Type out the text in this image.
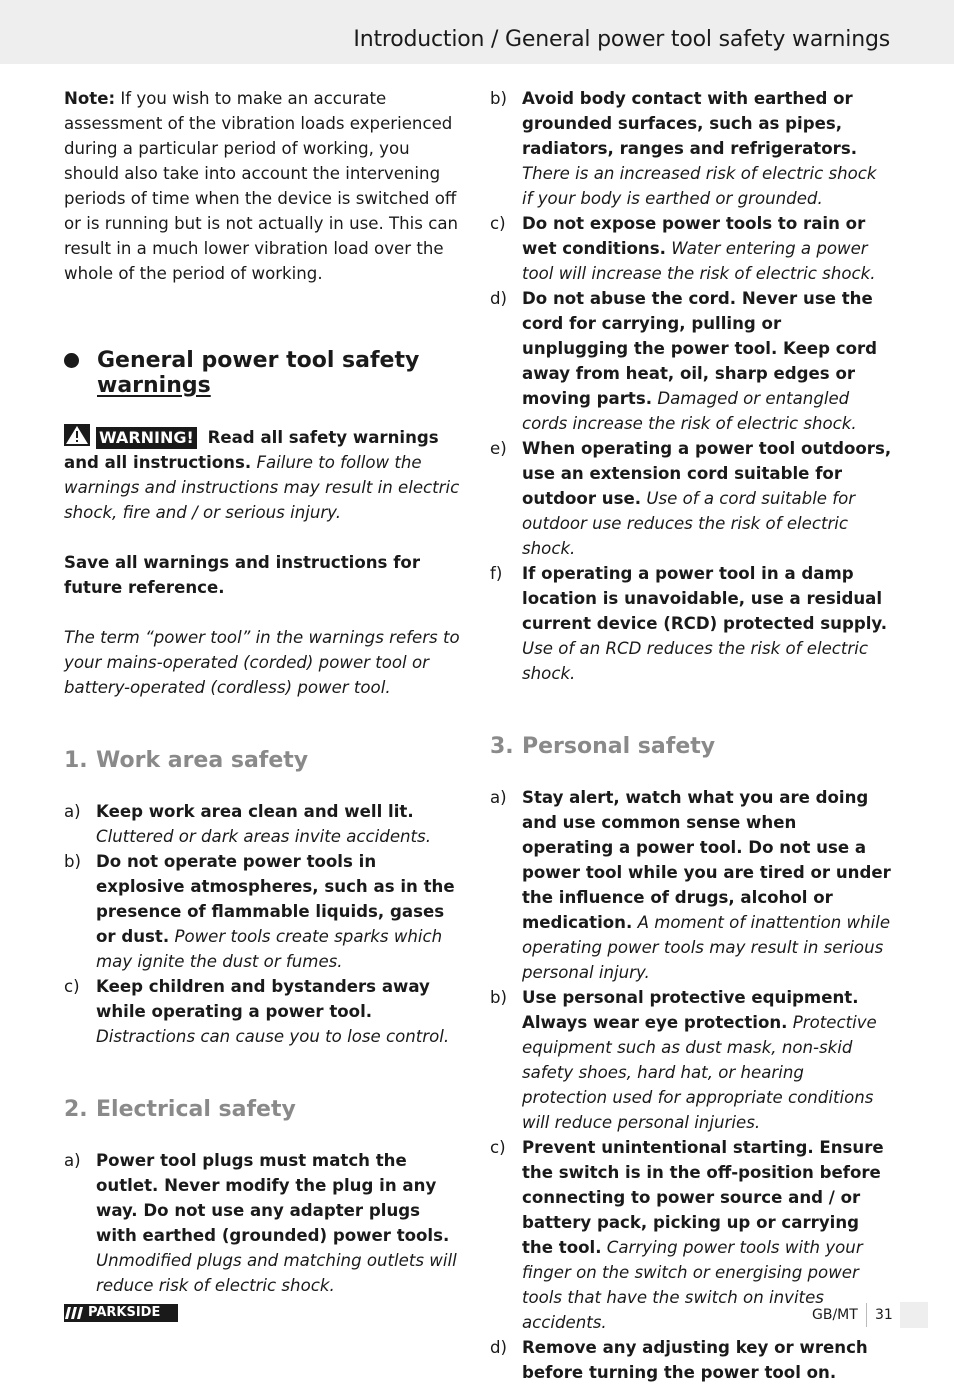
Introduction / General power tool safety warnings

Note: If you wish to make an accurate assessment of the vibration loads experienced during a particular period of working, you should also take into account the intervening periods of time when the device is switched off or is running but is not actually in use. This can result in a much lower vibration load over the whole of the period of working.

General power tool safety
warnings

WARNING! Read all safety warnings and all instructions. Failure to follow the warnings and instructions may result in electric shock, fire and / or serious injury.

Save all warnings and instructions for future reference.

The term “power tool” in the warnings refers to your mains-operated (corded) power tool or battery-operated (cordless) power tool.

1. Work area safety
a) Keep work area clean and well lit. Cluttered or dark areas invite accidents.
b) Do not operate power tools in explosive atmospheres, such as in the presence of flammable liquids, gases or dust. Power tools create sparks which may ignite the dust or fumes.
c) Keep children and bystanders away while operating a power tool. Distractions can cause you to lose control.
2. Electrical safety
a) Power tool plugs must match the outlet. Never modify the plug in any way. Do not use any adapter plugs with earthed (grounded) power tools. Unmodified plugs and matching outlets will reduce risk of electric shock.
b) Avoid body contact with earthed or grounded surfaces, such as pipes, radiators, ranges and refrigerators. There is an increased risk of electric shock if your body is earthed or grounded.
c) Do not expose power tools to rain or wet conditions. Water entering a power tool will increase the risk of electric shock.
d) Do not abuse the cord. Never use the cord for carrying, pulling or unplugging the power tool. Keep cord away from heat, oil, sharp edges or moving parts. Damaged or entangled cords increase the risk of electric shock.
e) When operating a power tool outdoors, use an extension cord suitable for outdoor use. Use of a cord suitable for outdoor use reduces the risk of electric shock.
f)	If operating a power tool in a damp location is unavoidable, use a residual current device (RCD) protected supply. Use of an RCD reduces the risk of electric shock.
3. Personal safety
a) Stay alert, watch what you are doing and use common sense when operating a power tool. Do not use a power tool while you are tired or under the influence of drugs, alcohol or medication. A moment of inattention while operating power tools may result in serious personal injury.
b) Use personal protective equipment. Always wear eye protection. Protective equipment such as dust mask, non-skid safety shoes, hard hat, or hearing protection used for appropriate conditions will reduce personal injuries.
c) Prevent unintentional starting. Ensure the switch is in the off-position before connecting to power source and / or battery pack, picking up or carrying the tool. Carrying power tools with your finger on the switch or energising power tools that have the switch on invites accidents.
d) Remove any adjusting key or wrench before turning the power tool on.
PARKSIDE	GB/MT 31
